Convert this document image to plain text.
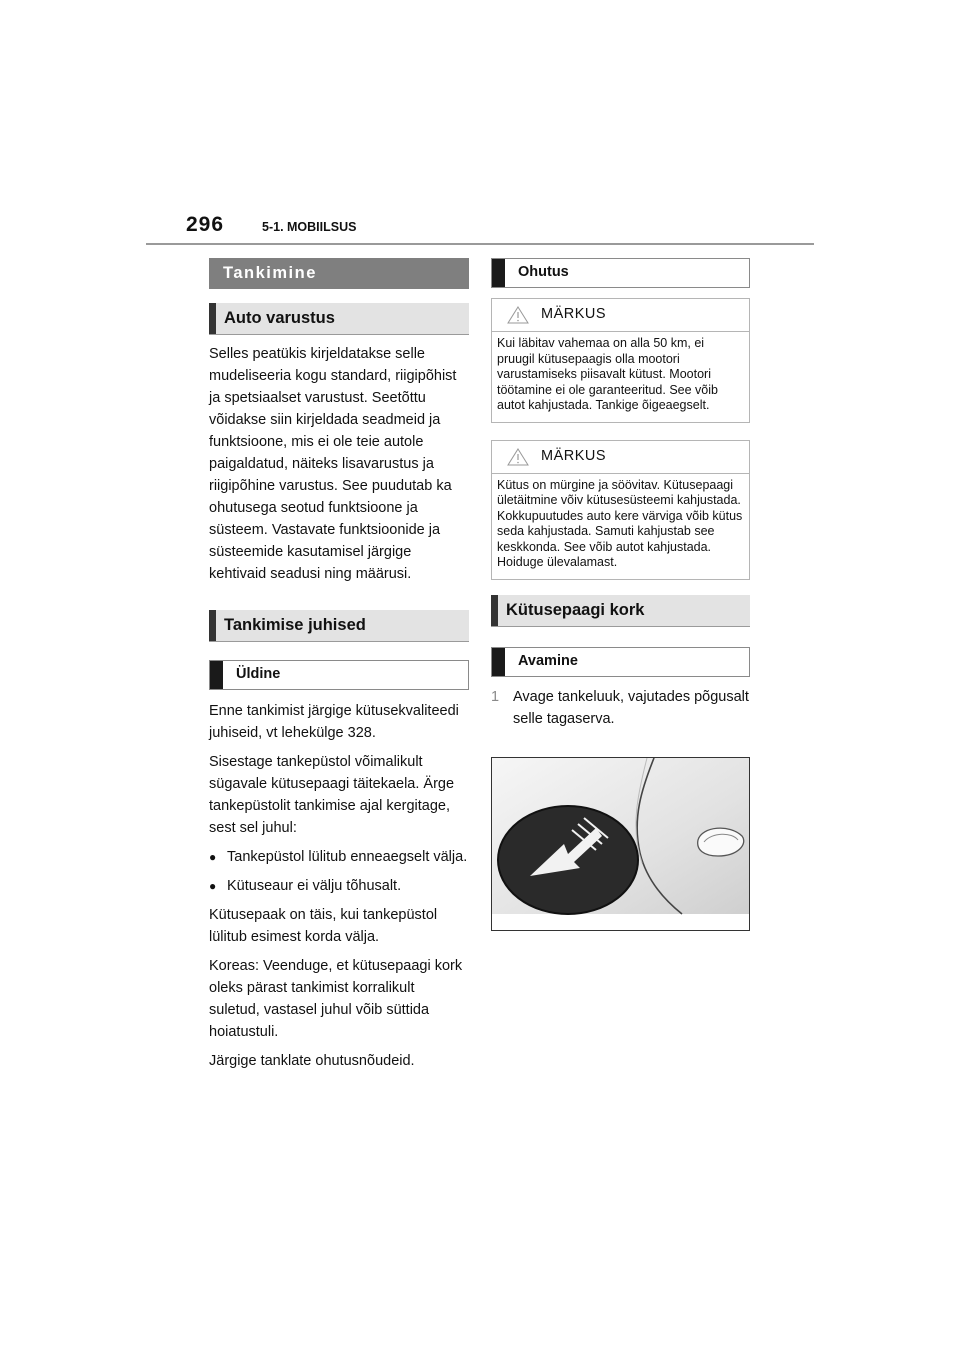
296	5-1. MOBIILSUS
Tankimine
Auto varustus

Selles peatükis kirjeldatakse selle mudeliseeria kogu standard, riigipõhist ja spetsiaalset varustust. Seetõttu võidakse siin kirjeldada seadmeid ja funktsioone, mis ei ole teie autole paigaldatud, näiteks lisavarustus ja riigipõhine varustus. See puudutab ka ohutusega seotud funktsioone ja süsteem. Vastavate funktsioonide ja süsteemide kasutamisel järgige kehtivaid seadusi ning määrusi.

Tankimise juhised
Üldine

Enne tankimist järgige kütusekvaliteedi juhiseid, vt lehekülge 328.

Sisestage tankepüstol võimalikult sügavale kütusepaagi täitekaela. Ärge tankepüstolit tankimise ajal kergitage, sest sel juhul:

● Tankepüstol lülitub enneaegselt välja.
● Kütuseaur ei välju tõhusalt.

Kütusepaak on täis, kui tankepüstol lülitub esimest korda välja.

Koreas: Veenduge, et kütusepaagi kork oleks pärast tankimist korralikult suletud, vastasel juhul võib süttida hoiatustuli.

Järgige tanklate ohutusnõudeid.

Ohutus
MÄRKUS
Kui läbitav vahemaa on alla 50 km, ei pruugil kütusepaagis olla mootori varustamiseks piisavalt kütust. Mootori töötamine ei ole garanteeritud. See võib autot kahjustada. Tankige õigeaegselt.
MÄRKUS
Kütus on mürgine ja söövitav. Kütusepaagi ületäitmine võiv kütusesüsteemi kahjustada. Kokkupuutudes auto kere värviga võib kütus seda kahjustada. Samuti kahjustab see keskkonda. See võib autot kahjustada. Hoiduge ülevalamast.
Kütusepaagi kork
Avamine
1 Avage tankeluuk, vajutades põgusalt selle tagaserva.
